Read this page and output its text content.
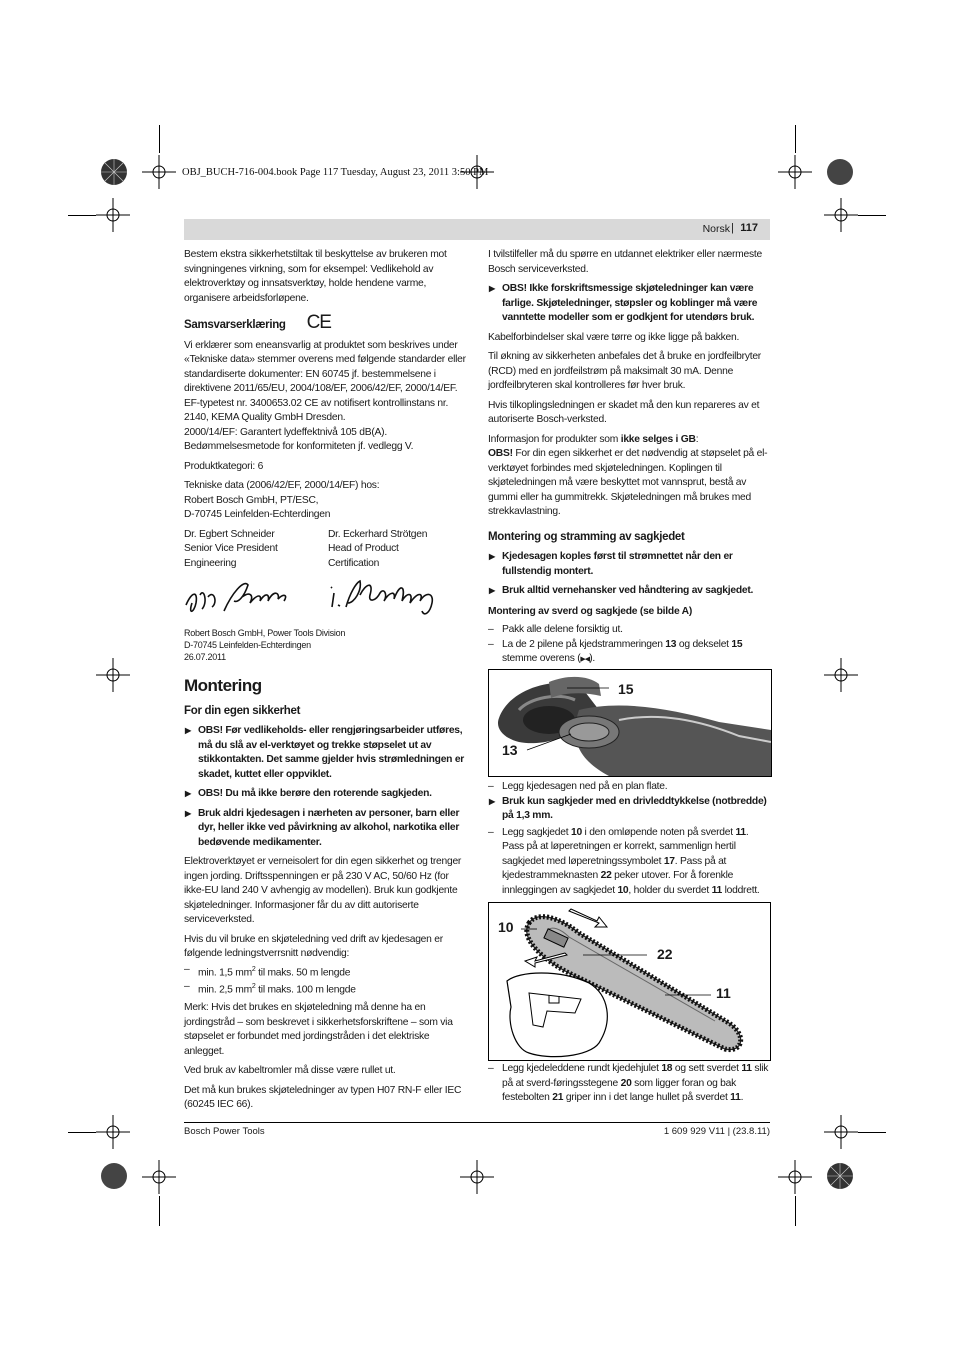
OBJ_BUCH-716-004.book Page 117 Tuesday, August 23, 2011 3:50 PM
Norsk | 117

Bestem ekstra sikkerhetstiltak til beskyttelse av brukeren mot svingningenes virkning, som for eksempel: Vedlikehold av elektroverktøy og innsatsverktøy, holde hendene varme, organisere arbeidsforløpene.

Samsvarserklæring CE

Vi erklærer som eneansvarlig at produktet som beskrives under «Tekniske data» stemmer overens med følgende standarder eller standardiserte dokumenter: EN 60745 jf. bestemmelsene i direktivene 2011/65/EU, 2004/108/EF, 2006/42/EF, 2000/14/EF.

EF-typetest nr. 3400653.02 CE av notifisert kontrollinstans nr. 2140, KEMA Quality GmbH Dresden.

2000/14/EF: Garantert lydeffektnivå 105 dB(A). Bedømmelsesmetode for konformiteten jf. vedlegg V.

Produktkategori: 6

Tekniske data (2006/42/EF, 2000/14/EF) hos:
Robert Bosch GmbH, PT/ESC,
D-70745 Leinfelden-Echterdingen
Dr. Egbert Schneider
Senior Vice President
Engineering
Dr. Eckerhard Strötgen
Head of Product
Certification
Robert Bosch GmbH, Power Tools Division
D-70745 Leinfelden-Echterdingen
26.07.2011
Montering
For din egen sikkerhet
▶ OBS! Før vedlikeholds- eller rengjøringsarbeider utføres, må du slå av el-verktøyet og trekke støpselet ut av stikkontakten. Det samme gjelder hvis strømledningen er skadet, kuttet eller oppviklet.
▶ OBS! Du må ikke berøre den roterende sagkjeden.
▶ Bruk aldri kjedesagen i nærheten av personer, barn eller dyr, heller ikke ved påvirkning av alkohol, narkotika eller bedøvende medikamenter.

Elektroverktøyet er verneisolert for din egen sikkerhet og trenger ingen jording. Driftsspenningen er på 230 V AC, 50/60 Hz (for ikke-EU land 240 V avhengig av modellen). Bruk kun godkjente skjøteledninger. Informasjoner får du av ditt autoriserte serviceverksted.

Hvis du vil bruke en skjøteledning ved drift av kjedesagen er følgende ledningstverrsnitt nødvendig:

– min. 1,5 $mm^2$ til maks. 50 m lengde
– min. 2,5 $mm^2$ til maks. 100 m lengde

Merk: Hvis det brukes en skjøteledning må denne ha en jordingstråd – som beskrevet i sikkerhetsforskriftene – som via støpselet er forbundet med jordingstråden i det elektriske anlegget.

Ved bruk av kabeltromler må disse være rullet ut.

Det må kun brukes skjøteledninger av typen H07 RN-F eller IEC (60245 IEC 66).

I tvilstilfeller må du spørre en utdannet elektriker eller nærmeste Bosch serviceverksted.

▶ OBS! Ikke forskriftsmessige skjøteledninger kan være farlige. Skjøteledninger, støpsler og koblinger må være vanntette modeller som er godkjent for utendørs bruk.

Kabelforbindelser skal være tørre og ikke ligge på bakken.

Til økning av sikkerheten anbefales det å bruke en jordfeilbryter (RCD) med en jordfeilstrøm på maksimalt 30 mA. Denne jordfeilbryteren skal kontrolleres før hver bruk.

Hvis tilkoplingsledningen er skadet må den kun repareres av et autoriserte Bosch-verksted.

Informasjon for produkter som ikke selges i GB:

OBS! For din egen sikkerhet er det nødvendig at støpselet på el-verktøyet forbindes med skjøteledningen. Koplingen til skjøteledningen må være beskyttet mot vannsprut, bestå av gummi eller ha gummitrekk. Skjøteledningen må brukes med strekkavlastning.

Montering og stramming av sagkjedet
▶ Kjedesagen koples først til strømnettet når den er fullstendig montert.
▶ Bruk alltid vernehansker ved håndtering av sagkjedet.
Montering av sverd og sagkjede (se bilde A)
– Pakk alle delene forsiktig ut.
– La de 2 pilene på kjedstrammeringen 13 og dekselet 15 stemme overens (▶◀).
15
13
– Legg kjedesagen ned på en plan flate.
▶ Bruk kun sagkjeder med en drivleddtykkelse (notbredde) på 1,3 mm.
– Legg sagkjedet 10 i den omløpende noten på sverdet 11. Pass på at løperetningen er korrekt, sammenlign hertil sagkjedet med løperetningssymbolet 17. Pass på at kjedestrammeknasten 22 peker utover. For å forenkle innleggingen av sagkjedet 10, holder du sverdet 11 loddrett.
10
22
11
– Legg kjedeleddene rundt kjedehjulet 18 og sett sverdet 11 slik på at sverd-føringsstegene 20 som ligger foran og bak festebolten 21 griper inn i det lange hullet på sverdet 11.
Bosch Power Tools	1 609 929 V11 | (23.8.11)
